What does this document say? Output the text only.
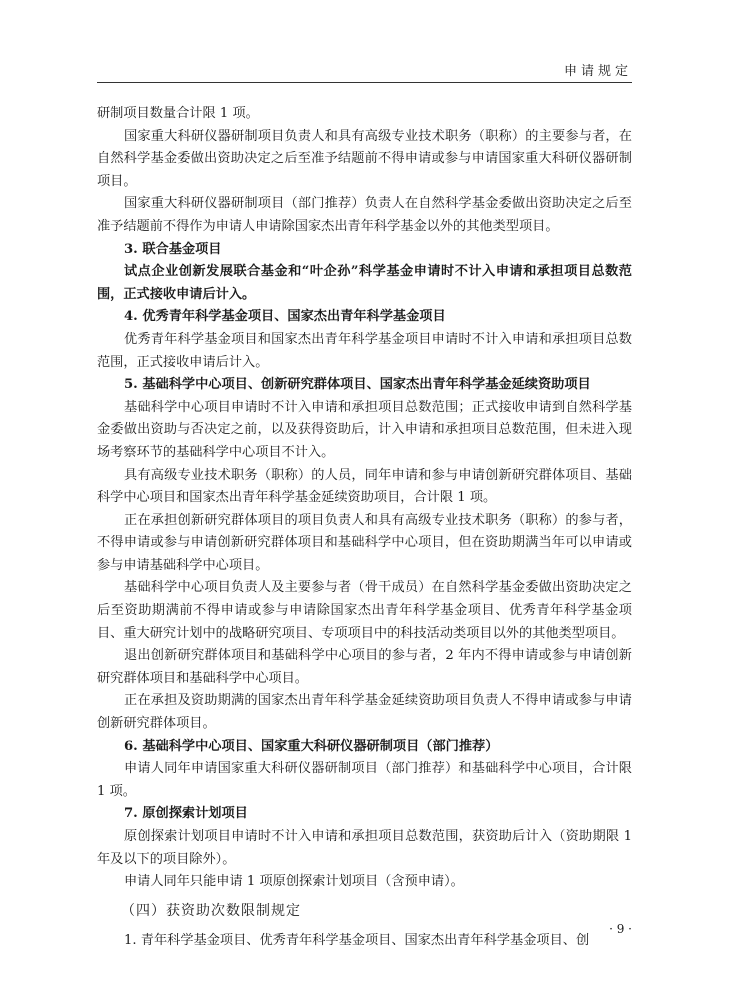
申请规定

研制项目数量合计限 1 项。

国家重大科研仪器研制项目负责人和具有高级专业技术职务（职称）的主要参与者，在自然科学基金委做出资助决定之后至准予结题前不得申请或参与申请国家重大科研仪器研制项目。

国家重大科研仪器研制项目（部门推荐）负责人在自然科学基金委做出资助决定之后至准予结题前不得作为申请人申请除国家杰出青年科学基金以外的其他类型项目。

3. 联合基金项目

试点企业创新发展联合基金和“叶企孙”科学基金申请时不计入申请和承担项目总数范围，正式接收申请后计入。

4. 优秀青年科学基金项目、国家杰出青年科学基金项目

优秀青年科学基金项目和国家杰出青年科学基金项目申请时不计入申请和承担项目总数范围，正式接收申请后计入。

5. 基础科学中心项目、创新研究群体项目、国家杰出青年科学基金延续资助项目

基础科学中心项目申请时不计入申请和承担项目总数范围；正式接收申请到自然科学基金委做出资助与否决定之前，以及获得资助后，计入申请和承担项目总数范围，但未进入现场考察环节的基础科学中心项目不计入。

具有高级专业技术职务（职称）的人员，同年申请和参与申请创新研究群体项目、基础科学中心项目和国家杰出青年科学基金延续资助项目，合计限 1 项。

正在承担创新研究群体项目的项目负责人和具有高级专业技术职务（职称）的参与者，不得申请或参与申请创新研究群体项目和基础科学中心项目，但在资助期满当年可以申请或参与申请基础科学中心项目。

基础科学中心项目负责人及主要参与者（骨干成员）在自然科学基金委做出资助决定之后至资助期满前不得申请或参与申请除国家杰出青年科学基金项目、优秀青年科学基金项目、重大研究计划中的战略研究项目、专项项目中的科技活动类项目以外的其他类型项目。

退出创新研究群体项目和基础科学中心项目的参与者，2 年内不得申请或参与申请创新研究群体项目和基础科学中心项目。

正在承担及资助期满的国家杰出青年科学基金延续资助项目负责人不得申请或参与申请创新研究群体项目。

6. 基础科学中心项目、国家重大科研仪器研制项目（部门推荐）

申请人同年申请国家重大科研仪器研制项目（部门推荐）和基础科学中心项目，合计限 1 项。

7. 原创探索计划项目

原创探索计划项目申请时不计入申请和承担项目总数范围，获资助后计入（资助期限 1 年及以下的项目除外）。

申请人同年只能申请 1 项原创探索计划项目（含预申请）。

（四）获资助次数限制规定

1. 青年科学基金项目、优秀青年科学基金项目、国家杰出青年科学基金项目、创

· 9 ·
